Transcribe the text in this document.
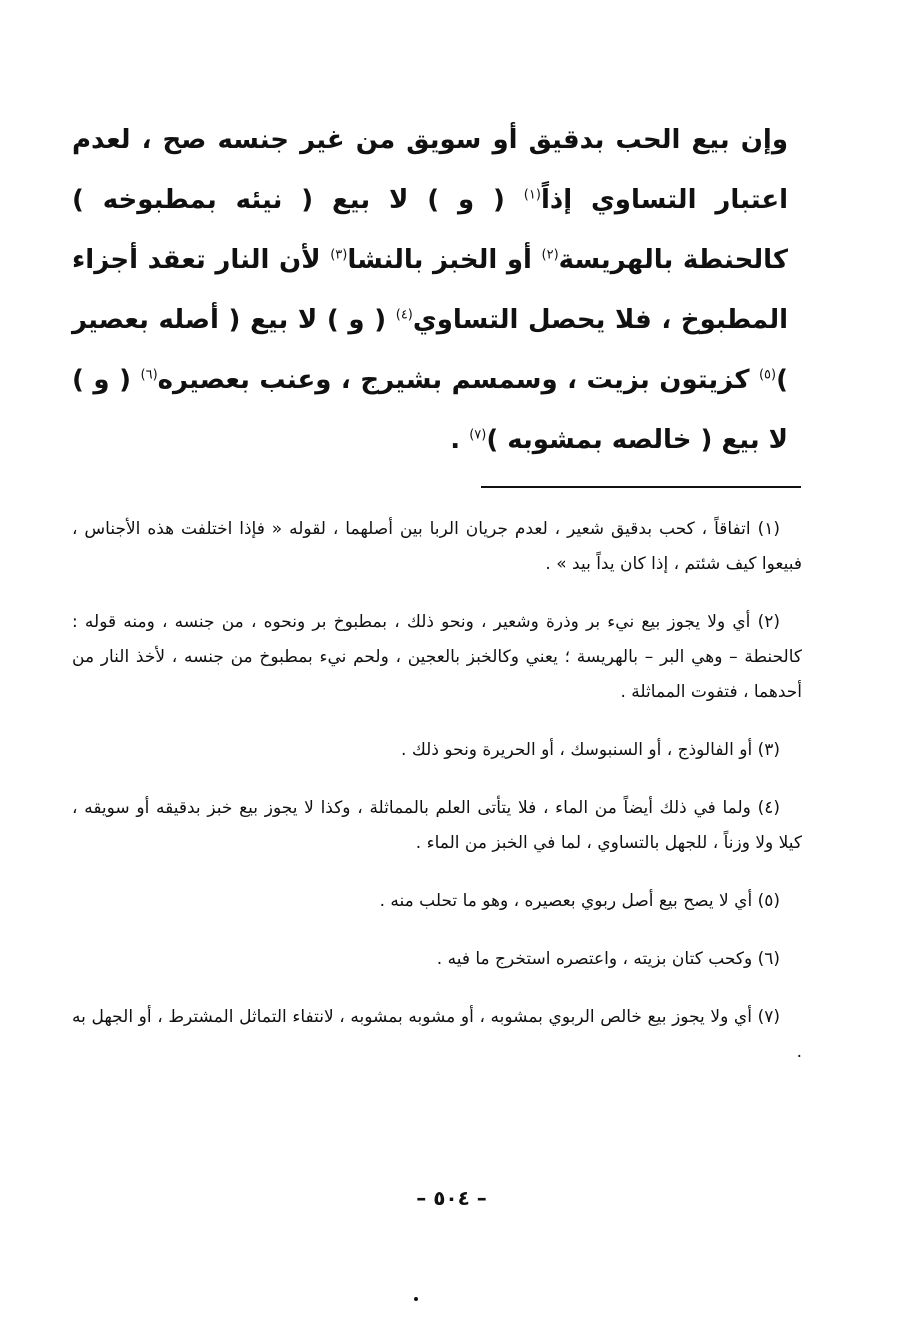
وإن بيع الحب بدقيق أو سويق من غير جنسه صح ، لعدم اعتبار التساوي إذاً$^{(١)}$ ( و ) لا بيع ( نيئه بمطبوخه ) كالحنطة بالهريسة$^{(٢)}$ أو الخبز بالنشا$^{(٣)}$ لأن النار تعقد أجزاء المطبوخ ، فلا يحصل التساوي$^{(٤)}$ ( و ) لا بيع ( أصله بعصير )$^{(٥)}$ كزيتون بزيت ، وسمسم بشيرج ، وعنب بعصيره$^{(٦)}$ ( و ) لا بيع ( خالصه بمشوبه )$^{(٧)}$ .

(١) اتفاقاً ، كحب بدقيق شعير ، لعدم جريان الربا بين أصلهما ، لقوله « فإذا اختلفت هذه الأجناس ، فبيعوا كيف شئتم ، إذا كان يداً بيد » .

(٢) أي ولا يجوز بيع نيء بر وذرة وشعير ، ونحو ذلك ، بمطبوخ بر ونحوه ، من جنسه ، ومنه قوله : كالحنطة – وهي البر – بالهريسة ؛ يعني وكالخبز بالعجين ، ولحم نيء بمطبوخ من جنسه ، لأخذ النار من أحدهما ، فتفوت المماثلة .

(٣) أو الفالوذج ، أو السنبوسك ، أو الحريرة ونحو ذلك .

(٤) ولما في ذلك أيضاً من الماء ، فلا يتأتى العلم بالمماثلة ، وكذا لا يجوز بيع خبز بدقيقه أو سويقه ، كيلا ولا وزناً ، للجهل بالتساوي ، لما في الخبز من الماء .

(٥) أي لا يصح بيع أصل ربوي بعصيره ، وهو ما تحلب منه .

(٦) وكحب كتان بزيته ، واعتصره استخرج ما فيه .

(٧) أي ولا يجوز بيع خالص الربوي بمشوبه ، أو مشوبه بمشوبه ، لانتفاء التماثل المشترط ، أو الجهل به .

– ٥٠٤ –
